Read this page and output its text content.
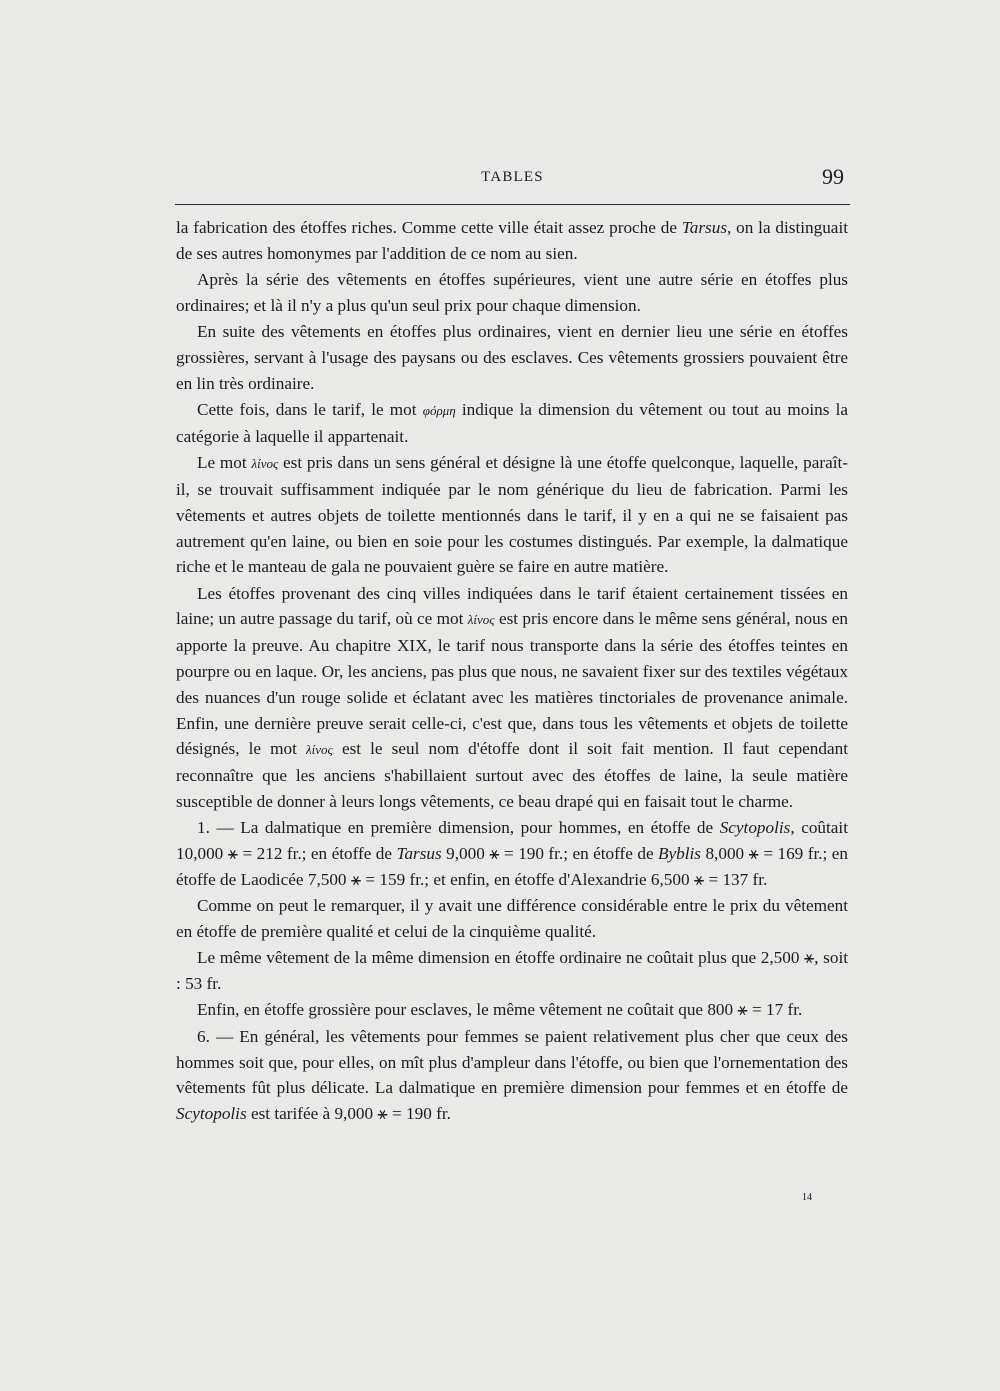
TABLES	99

la fabrication des étoffes riches. Comme cette ville était assez proche de Tarsus, on la distinguait de ses autres homonymes par l'addition de ce nom au sien.

Après la série des vêtements en étoffes supérieures, vient une autre série en étoffes plus ordinaires; et là il n'y a plus qu'un seul prix pour chaque dimension.

En suite des vêtements en étoffes plus ordinaires, vient en dernier lieu une série en étoffes grossières, servant à l'usage des paysans ou des esclaves. Ces vêtements grossiers pouvaient être en lin très ordinaire.

Cette fois, dans le tarif, le mot φόρμη indique la dimension du vêtement ou tout au moins la catégorie à laquelle il appartenait.

Le mot λίνος est pris dans un sens général et désigne là une étoffe quelconque, laquelle, paraît-il, se trouvait suffisamment indiquée par le nom générique du lieu de fabrication. Parmi les vêtements et autres objets de toilette mentionnés dans le tarif, il y en a qui ne se faisaient pas autrement qu'en laine, ou bien en soie pour les costumes distingués. Par exemple, la dalmatique riche et le manteau de gala ne pouvaient guère se faire en autre matière.

Les étoffes provenant des cinq villes indiquées dans le tarif étaient certainement tissées en laine; un autre passage du tarif, où ce mot λίνος est pris encore dans le même sens général, nous en apporte la preuve. Au chapitre XIX, le tarif nous transporte dans la série des étoffes teintes en pourpre ou en laque. Or, les anciens, pas plus que nous, ne savaient fixer sur des textiles végétaux des nuances d'un rouge solide et éclatant avec les matières tinctoriales de provenance animale. Enfin, une dernière preuve serait celle-ci, c'est que, dans tous les vêtements et objets de toilette désignés, le mot λίνος est le seul nom d'étoffe dont il soit fait mention. Il faut cependant reconnaître que les anciens s'habillaient surtout avec des étoffes de laine, la seule matière susceptible de donner à leurs longs vêtements, ce beau drapé qui en faisait tout le charme.

1. — La dalmatique en première dimension, pour hommes, en étoffe de Scytopolis, coûtait 10,000 ⚹ = 212 fr.; en étoffe de Tarsus 9,000 ⚹ = 190 fr.; en étoffe de Byblis 8,000 ⚹ = 169 fr.; en étoffe de Laodicée 7,500 ⚹ = 159 fr.; et enfin, en étoffe d'Alexandrie 6,500 ⚹ = 137 fr.

Comme on peut le remarquer, il y avait une différence considérable entre le prix du vêtement en étoffe de première qualité et celui de la cinquième qualité.

Le même vêtement de la même dimension en étoffe ordinaire ne coûtait plus que 2,500 ⚹, soit : 53 fr.

Enfin, en étoffe grossière pour esclaves, le même vêtement ne coûtait que 800 ⚹ = 17 fr.

6. — En général, les vêtements pour femmes se paient relativement plus cher que ceux des hommes soit que, pour elles, on mît plus d'ampleur dans l'étoffe, ou bien que l'ornementation des vêtements fût plus délicate. La dalmatique en première dimension pour femmes et en étoffe de Scytopolis est tarifée à 9,000 ⚹ = 190 fr.

14
